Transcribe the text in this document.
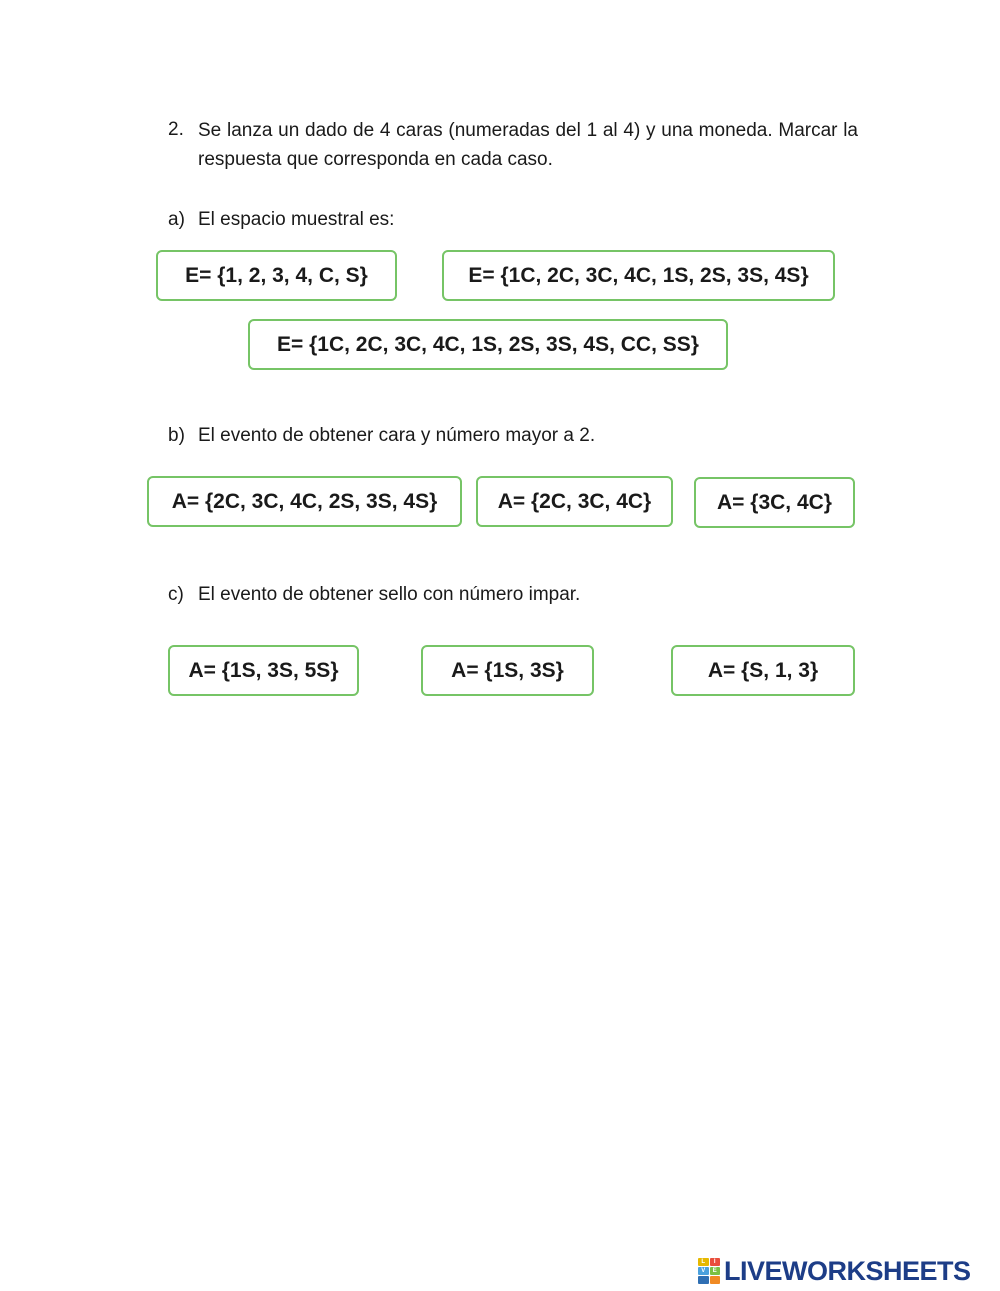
2. Se lanza un dado de 4 caras (numeradas del 1 al 4) y una moneda. Marcar la respuesta que corresponda en cada caso.
a) El espacio muestral es:
E= {1, 2, 3, 4, C, S}	E= {1C, 2C, 3C, 4C, 1S, 2S, 3S, 4S}
E= {1C, 2C, 3C, 4C, 1S, 2S, 3S, 4S, CC, SS}
b) El evento de obtener cara y número mayor a 2.
A= {2C, 3C, 4C, 2S, 3S, 4S}	A= {2C, 3C, 4C}	A= {3C, 4C}
c) El evento de obtener sello con número impar.
A= {1S, 3S, 5S}	A= {1S, 3S}	A= {S, 1, 3}
L	I
V	E LIVEWORKSHEETS
